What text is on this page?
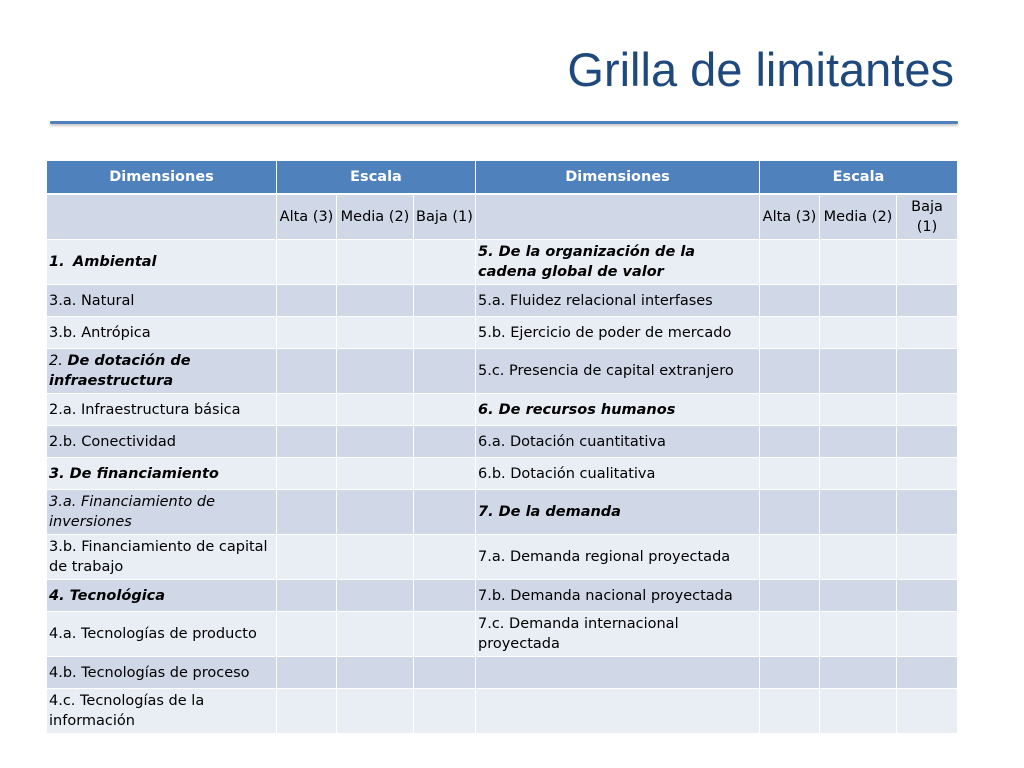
Grilla de limitantes
Dimensiones	Escala			Dimensiones	Escala		
	Alta (3)	Media (2)	Baja (1)		Alta (3)	Media (2)	Baja (1)
1. Ambiental				5. De la organización de la cadena global de valor			
3.a. Natural				5.a. Fluidez relacional interfases			
3.b. Antrópica				5.b. Ejercicio de poder de mercado			
2. De dotación de infraestructura				5.c. Presencia de capital extranjero			
2.a. Infraestructura básica				6. De recursos humanos			
2.b. Conectividad				6.a. Dotación cuantitativa			
3. De financiamiento				6.b. Dotación cualitativa			
3.a. Financiamiento de inversiones				7. De la demanda			
3.b. Financiamiento de capital de trabajo				7.a. Demanda regional proyectada			
4. Tecnológica				7.b. Demanda nacional proyectada			
4.a. Tecnologías de producto				7.c. Demanda internacional proyectada			
4.b. Tecnologías de proceso							
4.c. Tecnologías de la información							
